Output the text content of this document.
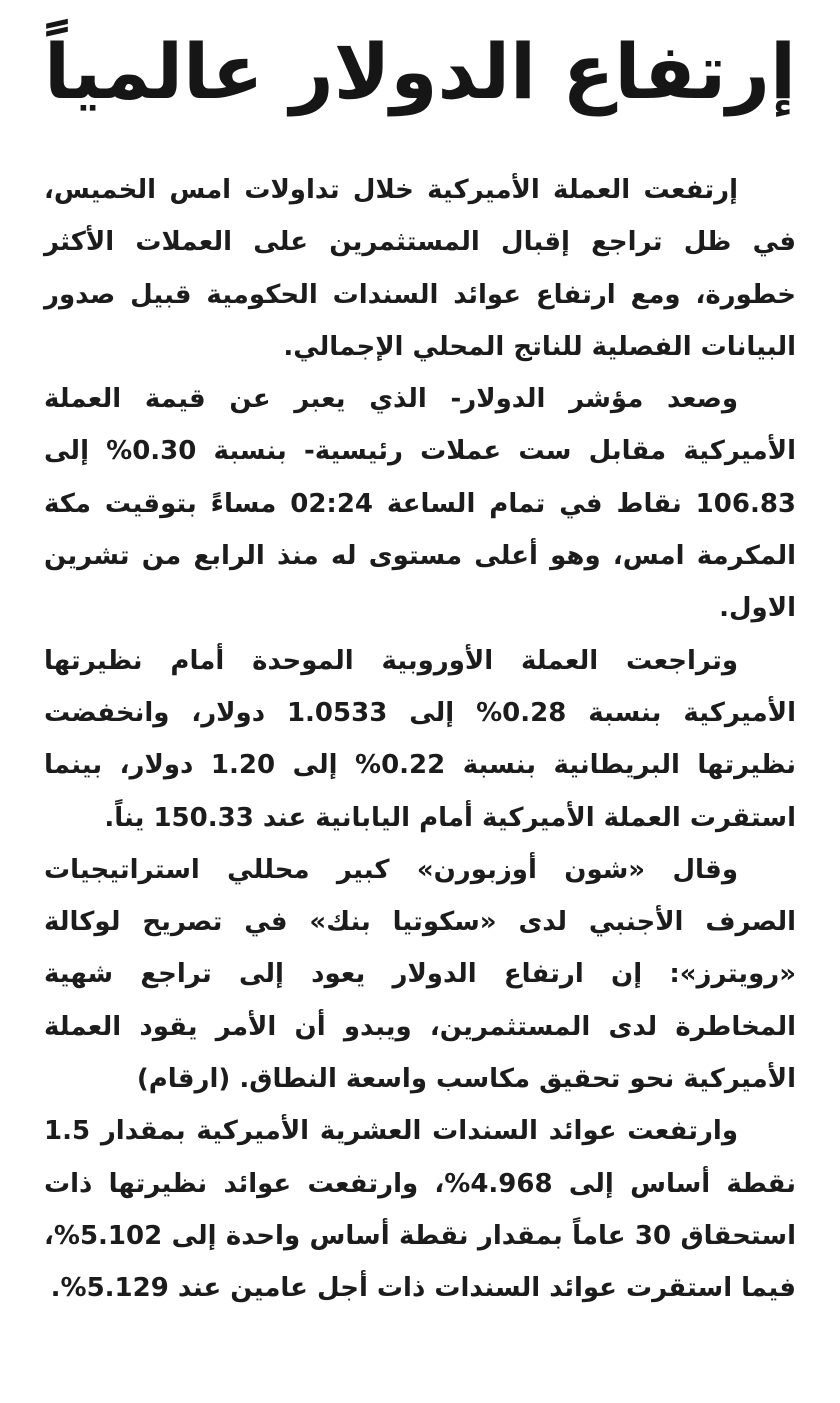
إرتفاع الدولار عالمياً

إرتفعت العملة الأميركية خلال تداولات امس الخميس، في ظل تراجع إقبال المستثمرين على العملات الأكثر خطورة، ومع ارتفاع عوائد السندات الحكومية قبيل صدور البيانات الفصلية للناتج المحلي الإجمالي.

وصعد مؤشر الدولار- الذي يعبر عن قيمة العملة الأميركية مقابل ست عملات رئيسية- بنسبة 0.30% إلى 106.83 نقاط في تمام الساعة 02:24 مساءً بتوقيت مكة المكرمة امس، وهو أعلى مستوى له منذ الرابع من تشرين الاول.

وتراجعت العملة الأوروبية الموحدة أمام نظيرتها الأميركية بنسبة 0.28% إلى 1.0533 دولار، وانخفضت نظيرتها البريطانية بنسبة 0.22% إلى 1.20 دولار، بينما استقرت العملة الأميركية أمام اليابانية عند 150.33 يناً.

وقال «شون أوزبورن» كبير محللي استراتيجيات الصرف الأجنبي لدى «سكوتيا بنك» في تصريح لوكالة «رويترز»: إن ارتفاع الدولار يعود إلى تراجع شهية المخاطرة لدى المستثمرين، ويبدو أن الأمر يقود العملة الأميركية نحو تحقيق مكاسب واسعة النطاق. (ارقام)

وارتفعت عوائد السندات العشرية الأميركية بمقدار 1.5 نقطة أساس إلى 4.968%، وارتفعت عوائد نظيرتها ذات استحقاق 30 عاماً بمقدار نقطة أساس واحدة إلى 5.102%، فيما استقرت عوائد السندات ذات أجل عامين عند 5.129%.
